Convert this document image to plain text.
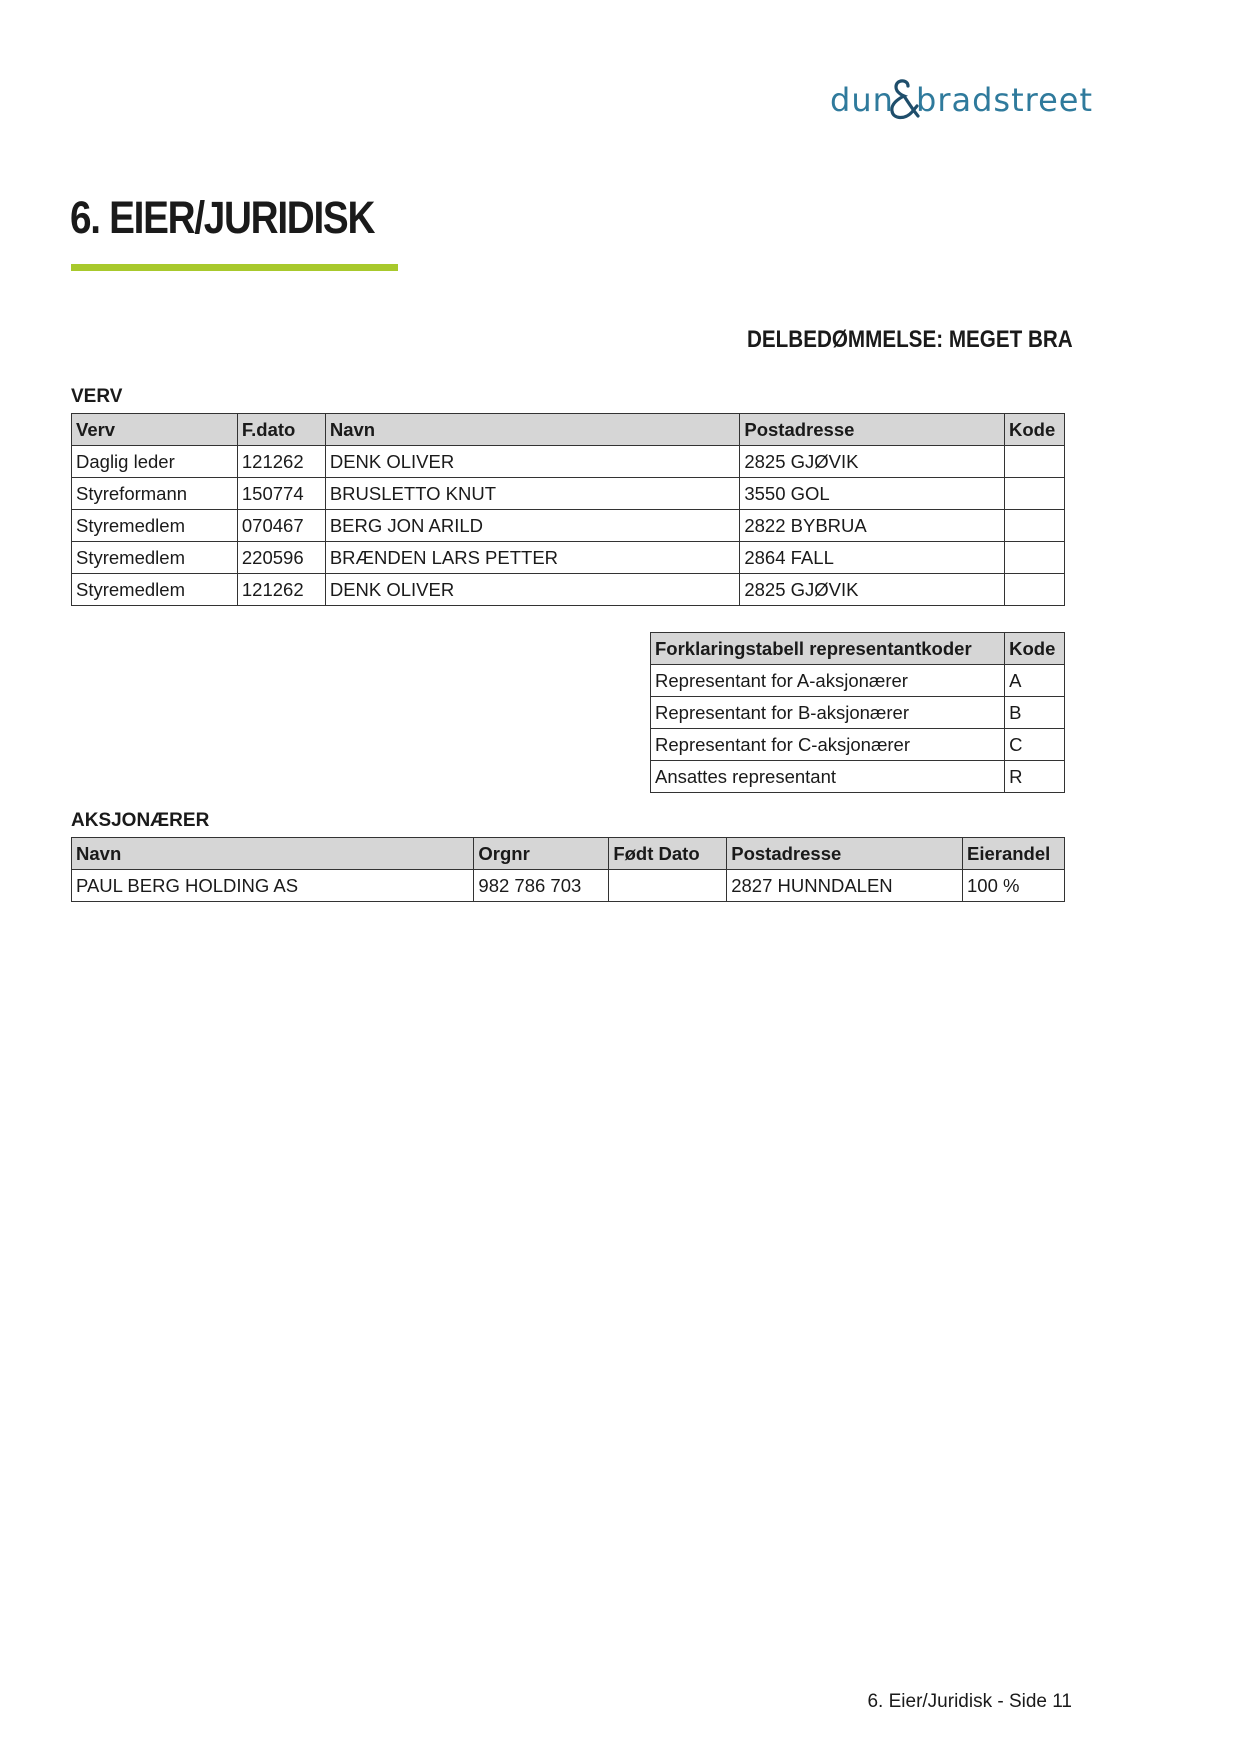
dun bradstreet
6. EIER/JURIDISK
DELBEDØMMELSE: MEGET BRA
VERV
Verv	F.dato	Navn	Postadresse	Kode
Daglig leder	121262	DENK OLIVER	2825 GJØVIK	
Styreformann	150774	BRUSLETTO KNUT	3550 GOL	
Styremedlem	070467	BERG JON ARILD	2822 BYBRUA	
Styremedlem	220596	BRÆNDEN LARS PETTER	2864 FALL	
Styremedlem	121262	DENK OLIVER	2825 GJØVIK	
Forklaringstabell representantkoder	Kode
Representant for A-aksjonærer	A
Representant for B-aksjonærer	B
Representant for C-aksjonærer	C
Ansattes representant	R
AKSJONÆRER
Navn	Orgnr	Født Dato	Postadresse	Eierandel
PAUL BERG HOLDING AS	982 786 703		2827 HUNNDALEN	100 %
6. Eier/Juridisk - Side 11
